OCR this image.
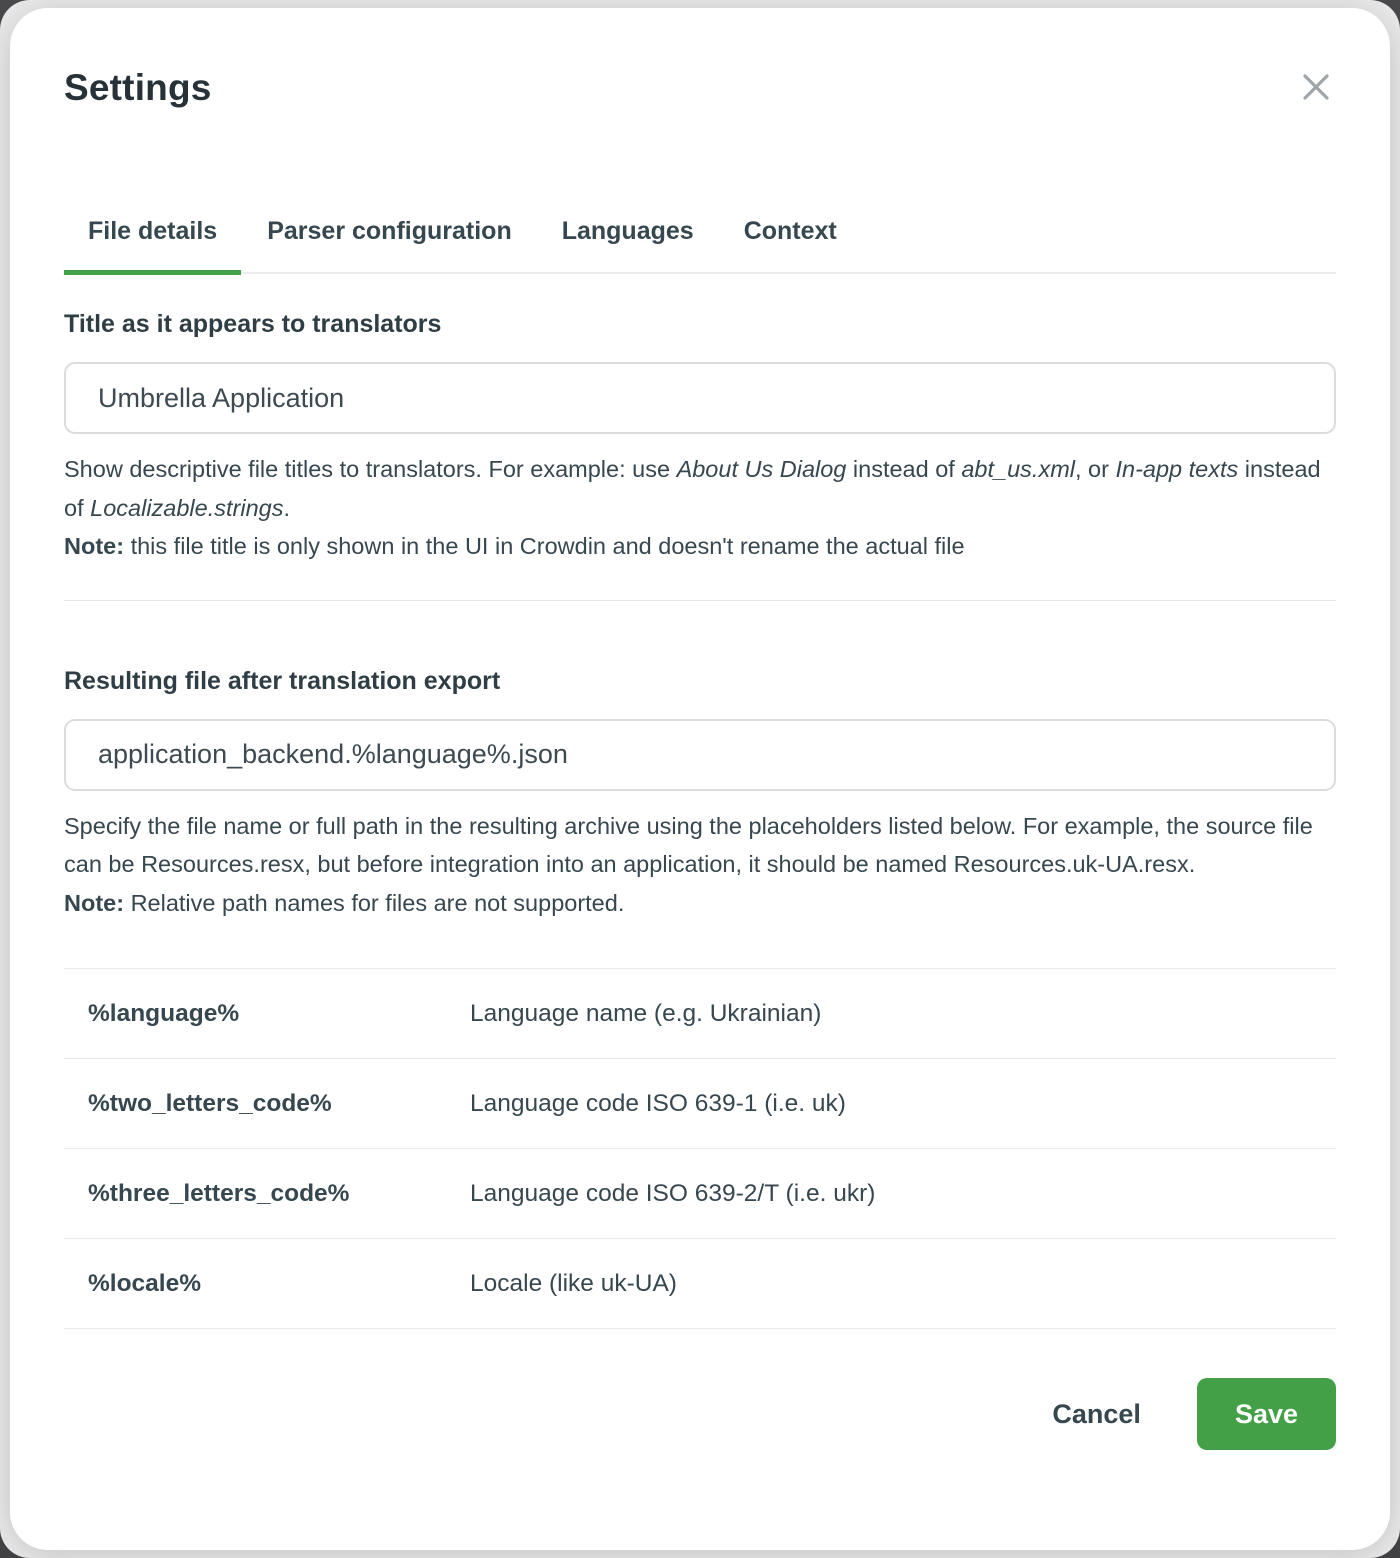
Settings
File details	Parser configuration	Languages	Context
Title as it appears to translators
Umbrella Application

Show descriptive file titles to translators. For example: use About Us Dialog instead of abt_us.xml, or In-app texts instead of Localizable.strings.
Note: this file title is only shown in the UI in Crowdin and doesn't rename the actual file

Resulting file after translation export
application_backend.%language%.json

Specify the file name or full path in the resulting archive using the placeholders listed below. For example, the source file can be Resources.resx, but before integration into an application, it should be named Resources.uk-UA.resx.
Note: Relative path names for files are not supported.

%language%	Language name (e.g. Ukrainian)
%two_letters_code%	Language code ISO 639-1 (i.e. uk)
%three_letters_code%	Language code ISO 639-2/T (i.e. ukr)
%locale%	Locale (like uk-UA)
Cancel	Save
